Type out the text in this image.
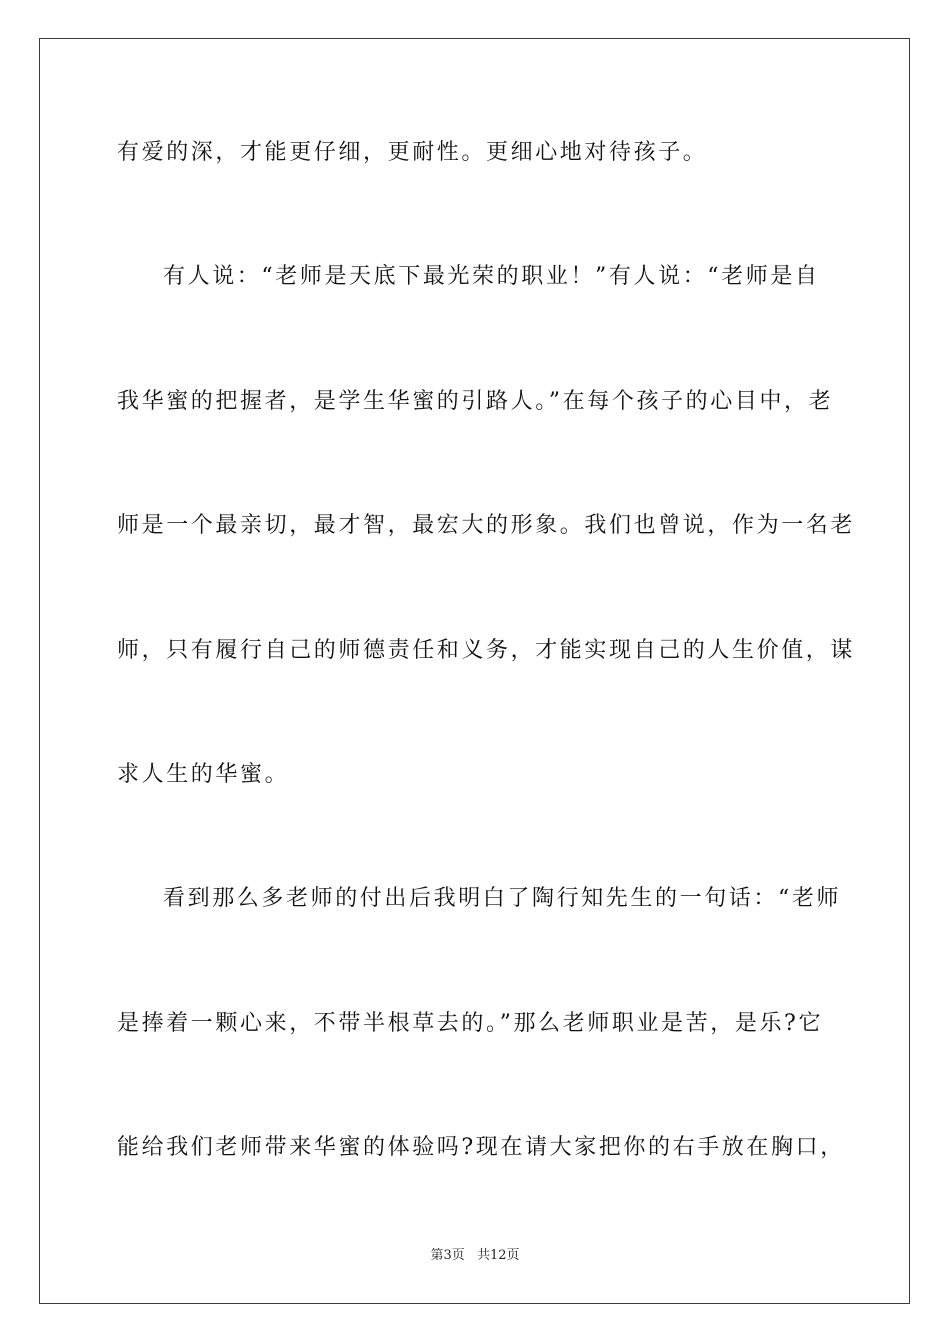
有爱的深，才能更仔细，更耐性。更细心地对待孩子。
有人说：“老师是天底下最光荣的职业！”有人说：“老师是自
我华蜜的把握者，是学生华蜜的引路人。”在每个孩子的心目中，老
师是一个最亲切，最才智，最宏大的形象。我们也曾说，作为一名老
师，只有履行自己的师德责任和义务，才能实现自己的人生价值，谋
求人生的华蜜。
看到那么多老师的付出后我明白了陶行知先生的一句话：“老师
是捧着一颗心来，不带半根草去的。”那么老师职业是苦，是乐?它
能给我们老师带来华蜜的体验吗?现在请大家把你的右手放在胸口，
第3页 共12页
